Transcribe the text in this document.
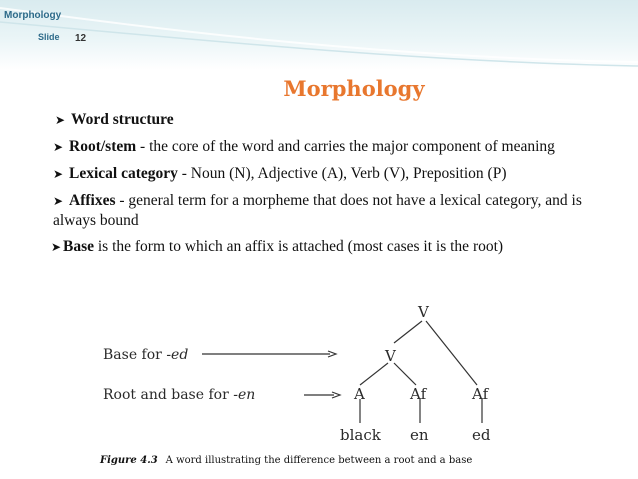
Morphology
Slide 12
Morphology
➤ Word structure
➤ Root/stem - the core of the word and carries the major component of meaning
➤ Lexical category - Noun (N), Adjective (A), Verb (V), Preposition (P)
➤ Affixes - general term for a morpheme that does not have a lexical category, and is always bound
➤ Base is the form to which an affix is attached (most cases it is the root)
V
V
A	Af	Af
black en	ed
Base for -ed
Root and base for -en
Figure 4.3 A word illustrating the difference between a root and a base
